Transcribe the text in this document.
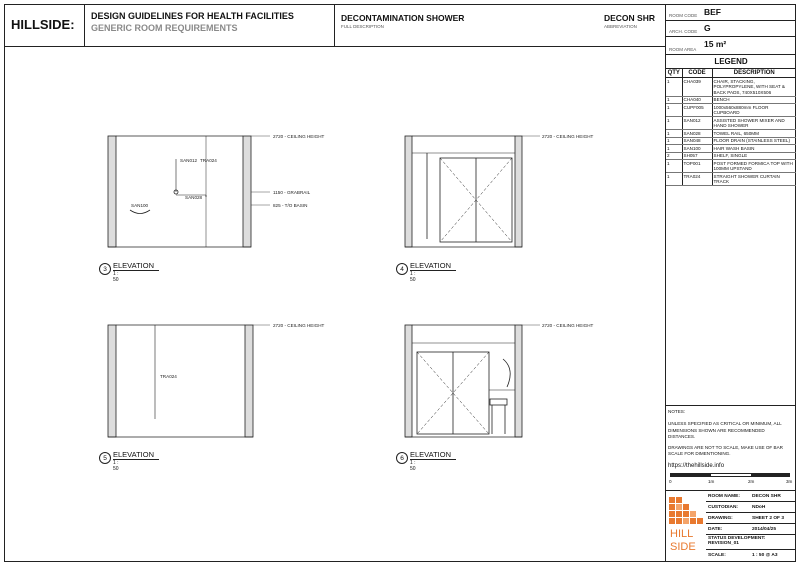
HILLSIDE:
DESIGN GUIDELINES FOR HEALTH FACILITIES
GENERIC ROOM REQUIREMENTS
DECONTAMINATION SHOWER
FULL DESCRIPTION
DECON SHR
ABBREVIATION
ROOM CODE BEF
ARCH. CODE G
ROOM AREA
15 m²
LEGEND
QTY	CODE	DESCRIPTION
1	CHA039	CHAIR, STACKING, POLYPROPYLENE, WITH SEAT & BACK PADS, 740X510X506
1	CHA040	BENCH
1	CUPF005	1000x560x880mm FLOOR CUPBOARD
1	SAN012	ASSISTED SHOWER MIXER AND HAND SHOWER
1	SAN028	TOWEL RAIL, 650MM
1	SAN048	FLOOR DRAIN (STAINLESS STEEL)
1	SAN100	HAIR WASH BASIN
2	SH057	SHELF, SINGLE
1	TOP001	POST FORMED FORMICA TOP WITH 100MM UPSTAND
1	TRA024	STRAIGHT SHOWER CURTAIN TRACK

NOTES:

UNLESS SPECIFIED AS CRITICAL OR MINIMUM, ALL DIMENSIONS SHOWN ARE RECOMMENDED DISTANCES.

DRAWINGS ARE NOT TO SCALE, MAKE USE OF BAR SCALE FOR DIMENTIONING.

https://thehillside.info
0	1m	2m	3m
HILL
SIDE
ROOM NAME:	DECON SHR
CUSTODIAN:	NDoH
DRAWING:	SHEET 2 OF 3
DATE:	2014/04/25
STATUS DEVELOPMENT:
REVISION_01
SCALE:	1 : 50 @ A3
2720 - CEILING HEIGHT
1150 - GRABRAIL
825 - T/O BASIN
SAN012 TRA024
SAN028
SAN100
2720 - CEILING HEIGHT
2720 - CEILING HEIGHT
TRA024
2720 - CEILING HEIGHT
3 ELEVATION
1 : 50
4 ELEVATION
1 : 50
5 ELEVATION
1 : 50
6 ELEVATION
1 : 50
